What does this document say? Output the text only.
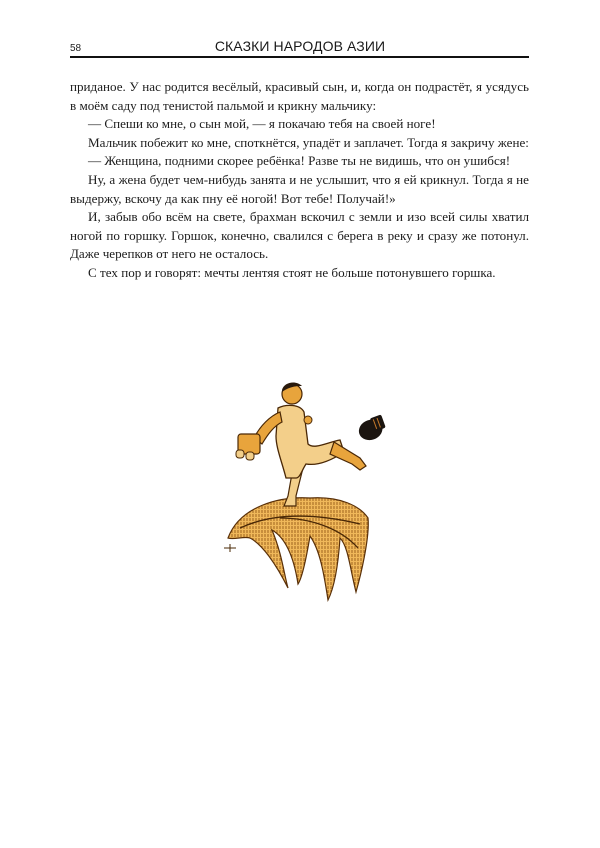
58	СКАЗКИ НАРОДОВ АЗИИ

приданое. У нас родится весёлый, красивый сын, и, когда он подрастёт, я усядусь в моём саду под тенистой пальмой и крикну мальчику:

— Спеши ко мне, о сын мой, — я покачаю тебя на своей ноге!

Мальчик побежит ко мне, споткнётся, упадёт и заплачет. Тогда я закричу жене:

— Женщина, подними скорее ребёнка! Разве ты не видишь, что он ушибся!

Ну, а жена будет чем-нибудь занята и не услышит, что я ей крикнул. Тогда я не выдержу, вскочу да как пну её ногой! Вот тебе! Получай!»

И, забыв обо всём на свете, брахман вскочил с земли и изо всей силы хватил ногой по горшку. Горшок, конечно, свалился с берега в реку и сразу же потонул. Даже черепков от него не осталось.

С тех пор и говорят: мечты лентяя стоят не больше потонувшего горшка.
